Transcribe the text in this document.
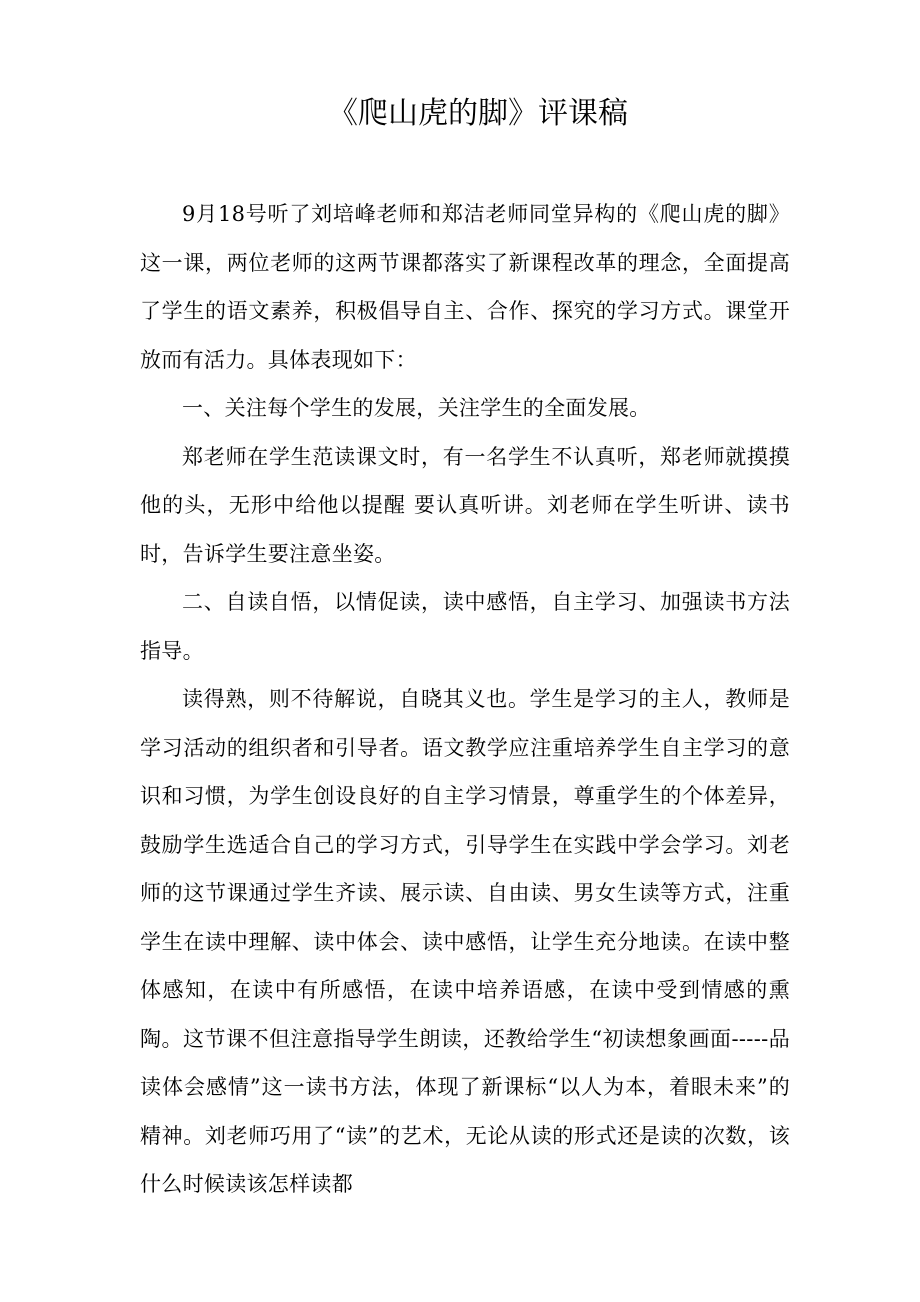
《爬山虎的脚》评课稿

9月18号听了刘培峰老师和郑洁老师同堂异构的《爬山虎的脚》这一课，两位老师的这两节课都落实了新课程改革的理念，全面提高了学生的语文素养，积极倡导自主、合作、探究的学习方式。课堂开放而有活力。具体表现如下：

一、关注每个学生的发展，关注学生的全面发展。

郑老师在学生范读课文时，有一名学生不认真听，郑老师就摸摸他的头，无形中给他以提醒 要认真听讲。刘老师在学生听讲、读书时，告诉学生要注意坐姿。

二、自读自悟，以情促读，读中感悟，自主学习、加强读书方法指导。

读得熟，则不待解说，自晓其义也。学生是学习的主人，教师是学习活动的组织者和引导者。语文教学应注重培养学生自主学习的意识和习惯，为学生创设良好的自主学习情景，尊重学生的个体差异，鼓励学生选适合自己的学习方式，引导学生在实践中学会学习。刘老师的这节课通过学生齐读、展示读、自由读、男女生读等方式，注重学生在读中理解、读中体会、读中感悟，让学生充分地读。在读中整体感知，在读中有所感悟，在读中培养语感，在读中受到情感的熏陶。这节课不但注意指导学生朗读，还教给学生“初读想象画面-----品读体会感情”这一读书方法，体现了新课标“以人为本，着眼未来”的精神。刘老师巧用了“读”的艺术，无论从读的形式还是读的次数，该什么时候读该怎样读都
